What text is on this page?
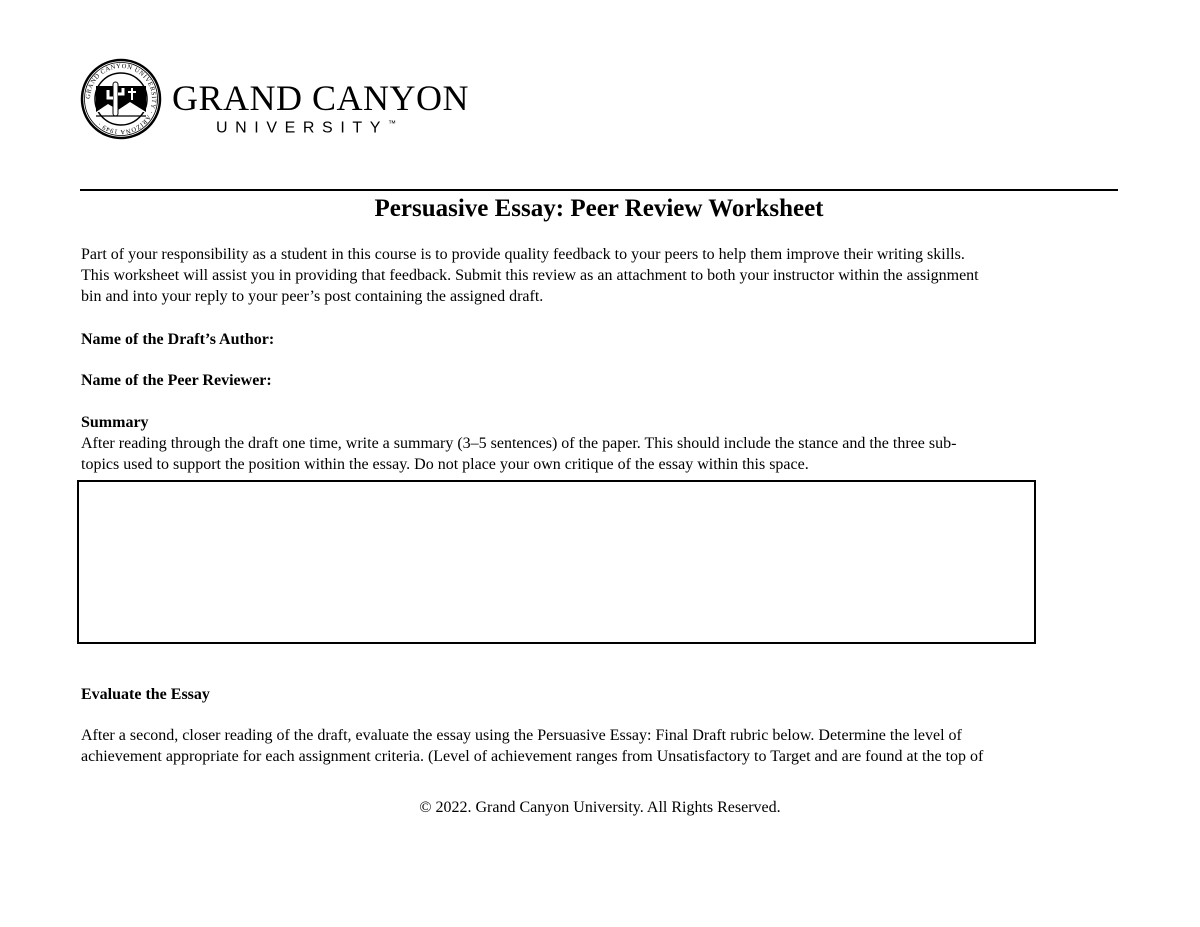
GRAND CANYON UNIVERSITY · ARIZONA 1949 ·
GRAND CANYON
UNIVERSITY™
Persuasive Essay: Peer Review Worksheet

Part of your responsibility as a student in this course is to provide quality feedback to your peers to help them improve their writing skills.

This worksheet will assist you in providing that feedback. Submit this review as an attachment to both your instructor within the assignment

bin and into your reply to your peer’s post containing the assigned draft.

Name of the Draft’s Author:
Name of the Peer Reviewer:

Summary

After reading through the draft one time, write a summary (3–5 sentences) of the paper. This should include the stance and the three sub-

topics used to support the position within the essay. Do not place your own critique of the essay within this space.

Evaluate the Essay

After a second, closer reading of the draft, evaluate the essay using the Persuasive Essay: Final Draft rubric below. Determine the level of

achievement appropriate for each assignment criteria. (Level of achievement ranges from Unsatisfactory to Target and are found at the top of

© 2022. Grand Canyon University. All Rights Reserved.
